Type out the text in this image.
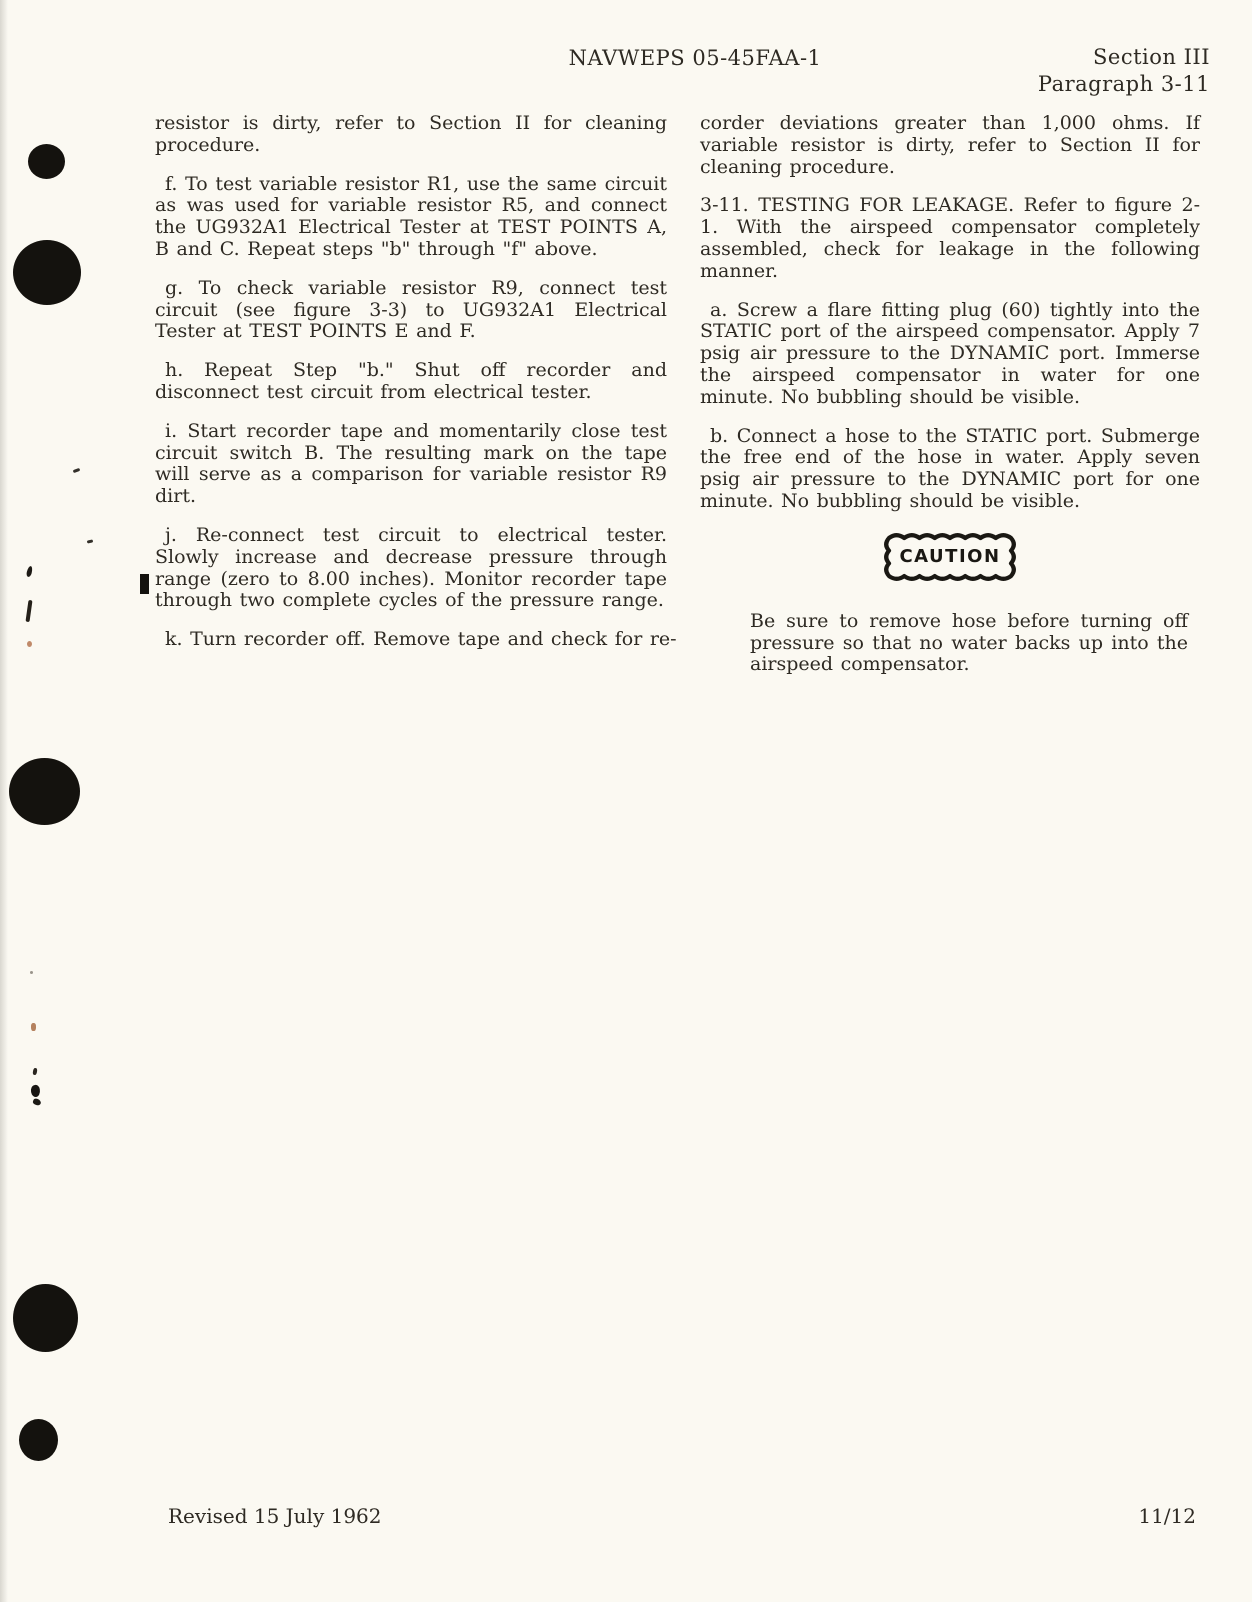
NAVWEPS 05-45FAA-1	Section III
Paragraph 3-11

resistor is dirty, refer to Section II for cleaning procedure.

f. To test variable resistor R1, use the same circuit as was used for variable resistor R5, and connect the UG932A1 Electrical Tester at TEST POINTS A, B and C. Repeat steps "b" through "f" above.

g. To check variable resistor R9, connect test circuit (see figure 3-3) to UG932A1 Electrical Tester at TEST POINTS E and F.

h. Repeat Step "b." Shut off recorder and disconnect test circuit from electrical tester.

i. Start recorder tape and momentarily close test circuit switch B. The resulting mark on the tape will serve as a comparison for variable resistor R9 dirt.

j. Re-connect test circuit to electrical tester. Slowly increase and decrease pressure through range (zero to 8.00 inches). Monitor recorder tape through two complete cycles of the pressure range.

k. Turn recorder off. Remove tape and check for re-

corder deviations greater than 1,000 ohms. If variable resistor is dirty, refer to Section II for cleaning procedure.

3-11. TESTING FOR LEAKAGE. Refer to figure 2-1. With the airspeed compensator completely assembled, check for leakage in the following manner.

a. Screw a flare fitting plug (60) tightly into the STATIC port of the airspeed compensator. Apply 7 psig air pressure to the DYNAMIC port. Immerse the airspeed compensator in water for one minute. No bubbling should be visible.

b. Connect a hose to the STATIC port. Submerge the free end of the hose in water. Apply seven psig air pressure to the DYNAMIC port for one minute. No bubbling should be visible.

CAUTION

Be sure to remove hose before turning off pressure so that no water backs up into the airspeed compensator.

Revised 15 July 1962	11/12
